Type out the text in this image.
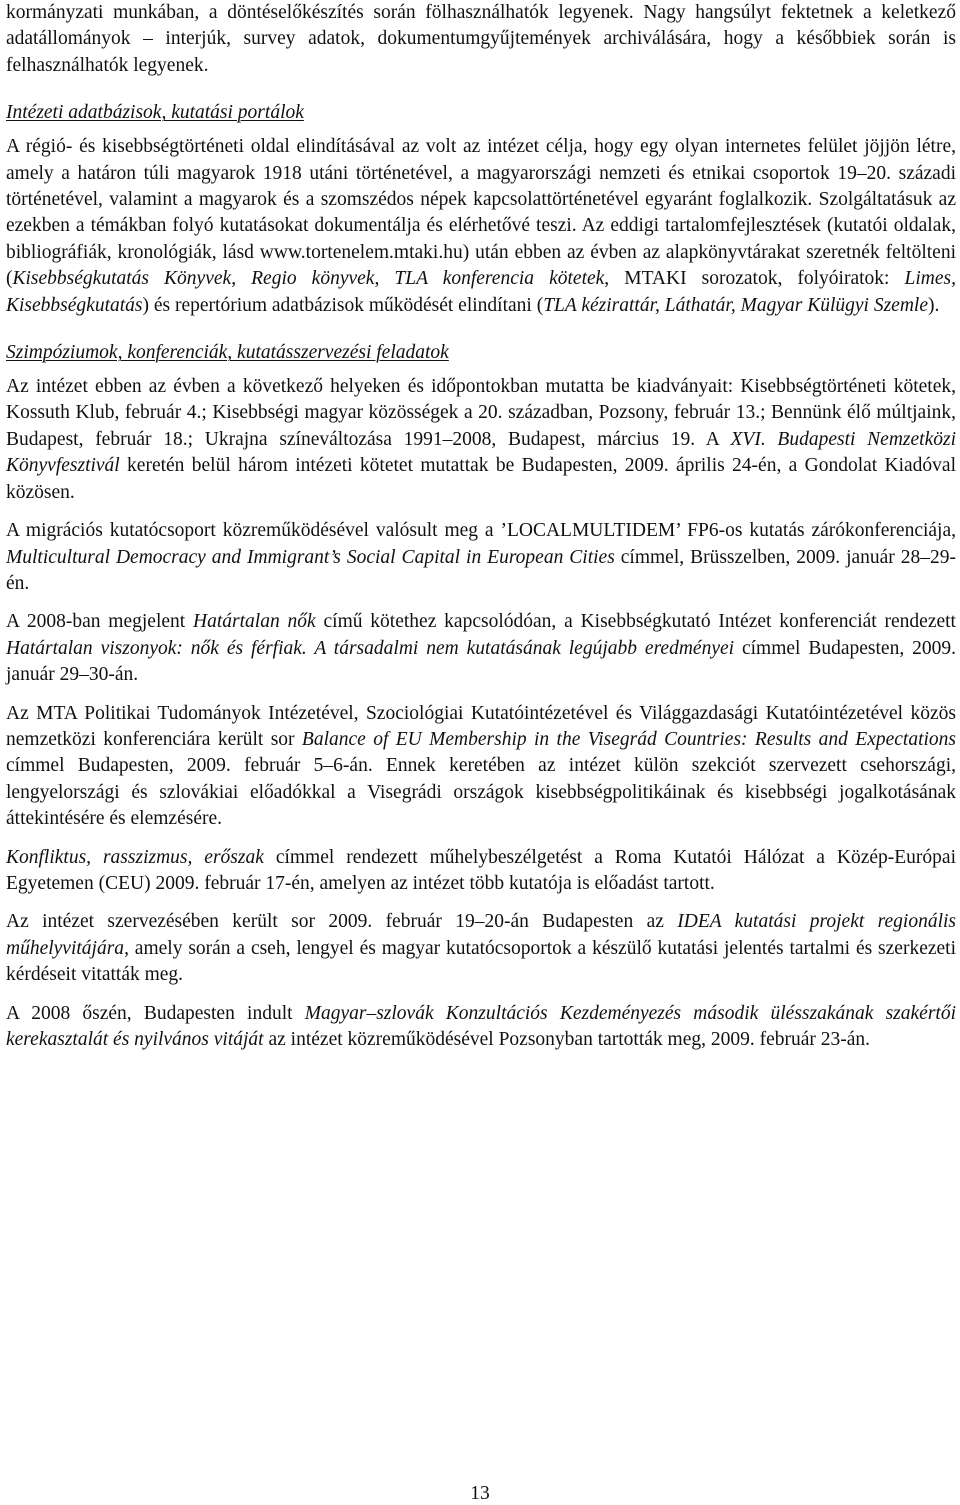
kormányzati munkában, a döntéselőkészítés során fölhasználhatók legyenek. Nagy hangsúlyt fektetnek a keletkező adatállományok – interjúk, survey adatok, dokumentumgyűjtemények archiválására, hogy a későbbiek során is felhasználhatók legyenek.

Intézeti adatbázisok, kutatási portálok

A régió- és kisebbségtörténeti oldal elindításával az volt az intézet célja, hogy egy olyan internetes felület jöjjön létre, amely a határon túli magyarok 1918 utáni történetével, a magyarországi nemzeti és etnikai csoportok 19–20. századi történetével, valamint a magyarok és a szomszédos népek kapcsolattörténetével egyaránt foglalkozik. Szolgáltatásuk az ezekben a témákban folyó kutatásokat dokumentálja és elérhetővé teszi. Az eddigi tartalomfejlesztések (kutatói oldalak, bibliográfiák, kronológiák, lásd www.tortenelem.mtaki.hu) után ebben az évben az alapkönyvtárakat szeretnék feltölteni (Kisebbségkutatás Könyvek, Regio könyvek, TLA konferencia kötetek, MTAKI sorozatok, folyóiratok: Limes, Kisebbségkutatás) és repertórium adatbázisok működését elindítani (TLA kézirattár, Láthatár, Magyar Külügyi Szemle).

Szimpóziumok, konferenciák, kutatásszervezési feladatok

Az intézet ebben az évben a következő helyeken és időpontokban mutatta be kiadványait: Kisebbségtörténeti kötetek, Kossuth Klub, február 4.; Kisebbségi magyar közösségek a 20. században, Pozsony, február 13.; Bennünk élő múltjaink, Budapest, február 18.; Ukrajna színeváltozása 1991–2008, Budapest, március 19. A XVI. Budapesti Nemzetközi Könyvfesztivál keretén belül három intézeti kötetet mutattak be Budapesten, 2009. április 24-én, a Gondolat Kiadóval közösen.

A migrációs kutatócsoport közreműködésével valósult meg a ’LOCALMULTIDEM’ FP6-os kutatás zárókonferenciája, Multicultural Democracy and Immigrant’s Social Capital in European Cities címmel, Brüsszelben, 2009. január 28–29-én.

A 2008-ban megjelent Határtalan nők című kötethez kapcsolódóan, a Kisebbségkutató Intézet konferenciát rendezett Határtalan viszonyok: nők és férfiak. A társadalmi nem kutatásának legújabb eredményei címmel Budapesten, 2009. január 29–30-án.

Az MTA Politikai Tudományok Intézetével, Szociológiai Kutatóintézetével és Világgazdasági Kutatóintézetével közös nemzetközi konferenciára került sor Balance of EU Membership in the Visegrád Countries: Results and Expectations címmel Budapesten, 2009. február 5–6-án. Ennek keretében az intézet külön szekciót szervezett csehországi, lengyelországi és szlovákiai előadókkal a Visegrádi országok kisebbségpolitikáinak és kisebbségi jogalkotásának áttekintésére és elemzésére.

Konfliktus, rasszizmus, erőszak címmel rendezett műhelybeszélgetést a Roma Kutatói Hálózat a Közép-Európai Egyetemen (CEU) 2009. február 17-én, amelyen az intézet több kutatója is előadást tartott.

Az intézet szervezésében került sor 2009. február 19–20-án Budapesten az IDEA kutatási projekt regionális műhelyvitájára, amely során a cseh, lengyel és magyar kutatócsoportok a készülő kutatási jelentés tartalmi és szerkezeti kérdéseit vitatták meg.

A 2008 őszén, Budapesten indult Magyar–szlovák Konzultációs Kezdeményezés második ülésszakának szakértői kerekasztalát és nyilvános vitáját az intézet közreműködésével Pozsonyban tartották meg, 2009. február 23-án.

13
